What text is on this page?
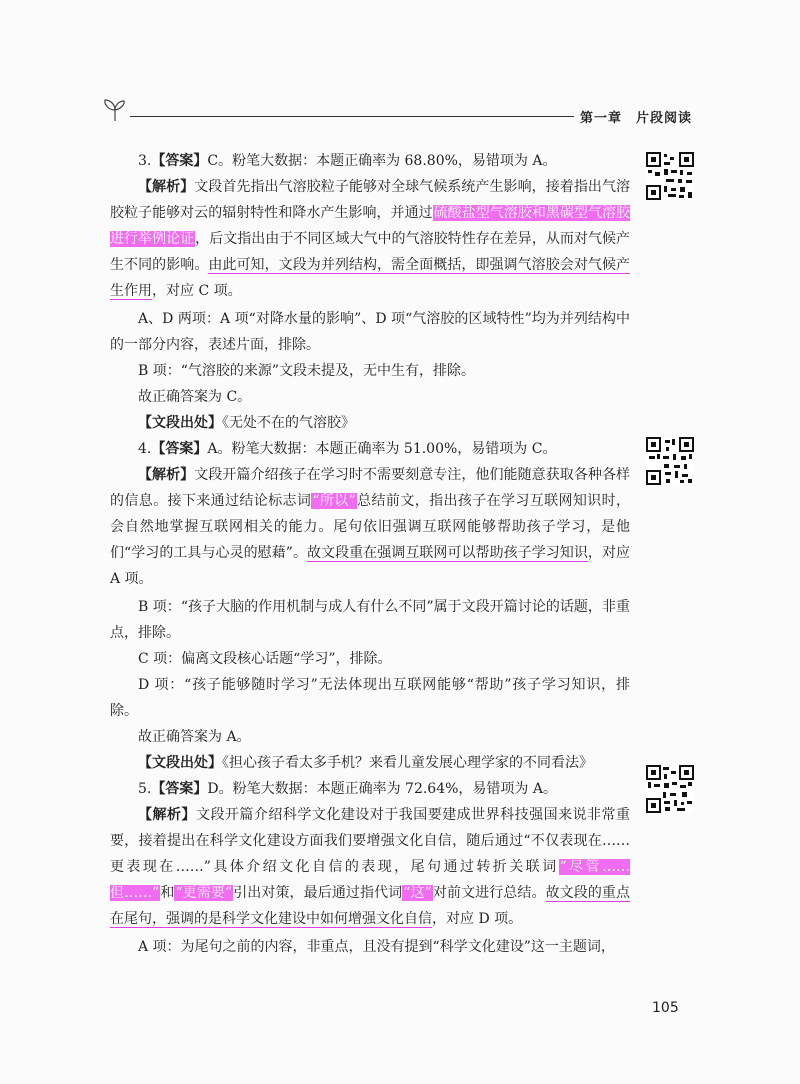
第一章　片段阅读

3.【答案】C。粉笔大数据：本题正确率为 68.80%，易错项为 A。

【解析】文段首先指出气溶胶粒子能够对全球气候系统产生影响，接着指出气溶胶粒子能够对云的辐射特性和降水产生影响，并通过硫酸盐型气溶胶和黑碳型气溶胶进行举例论证，后文指出由于不同区域大气中的气溶胶特性存在差异，从而对气候产生不同的影响。由此可知，文段为并列结构，需全面概括，即强调气溶胶会对气候产生作用，对应 C 项。

A、D 两项：A 项“对降水量的影响”、D 项“气溶胶的区域特性”均为并列结构中的一部分内容，表述片面，排除。

B 项：“气溶胶的来源”文段未提及，无中生有，排除。

故正确答案为 C。

【文段出处】《无处不在的气溶胶》

4.【答案】A。粉笔大数据：本题正确率为 51.00%，易错项为 C。

【解析】文段开篇介绍孩子在学习时不需要刻意专注，他们能随意获取各种各样的信息。接下来通过结论标志词“所以”总结前文，指出孩子在学习互联网知识时，会自然地掌握互联网相关的能力。尾句依旧强调互联网能够帮助孩子学习，是他们“学习的工具与心灵的慰藉”。故文段重在强调互联网可以帮助孩子学习知识，对应 A 项。

B 项：“孩子大脑的作用机制与成人有什么不同”属于文段开篇讨论的话题，非重点，排除。

C 项：偏离文段核心话题“学习”，排除。

D 项：“孩子能够随时学习”无法体现出互联网能够“帮助”孩子学习知识，排除。

故正确答案为 A。

【文段出处】《担心孩子看太多手机？来看儿童发展心理学家的不同看法》

5.【答案】D。粉笔大数据：本题正确率为 72.64%，易错项为 A。

【解析】文段开篇介绍科学文化建设对于我国要建成世界科技强国来说非常重要，接着提出在科学文化建设方面我们要增强文化自信，随后通过“不仅表现在……更表现在……”具体介绍文化自信的表现，尾句通过转折关联词“尽管……但……”和“更需要”引出对策，最后通过指代词“这”对前文进行总结。故文段的重点在尾句，强调的是科学文化建设中如何增强文化自信，对应 D 项。

A 项：为尾句之前的内容，非重点，且没有提到“科学文化建设”这一主题词，

105
